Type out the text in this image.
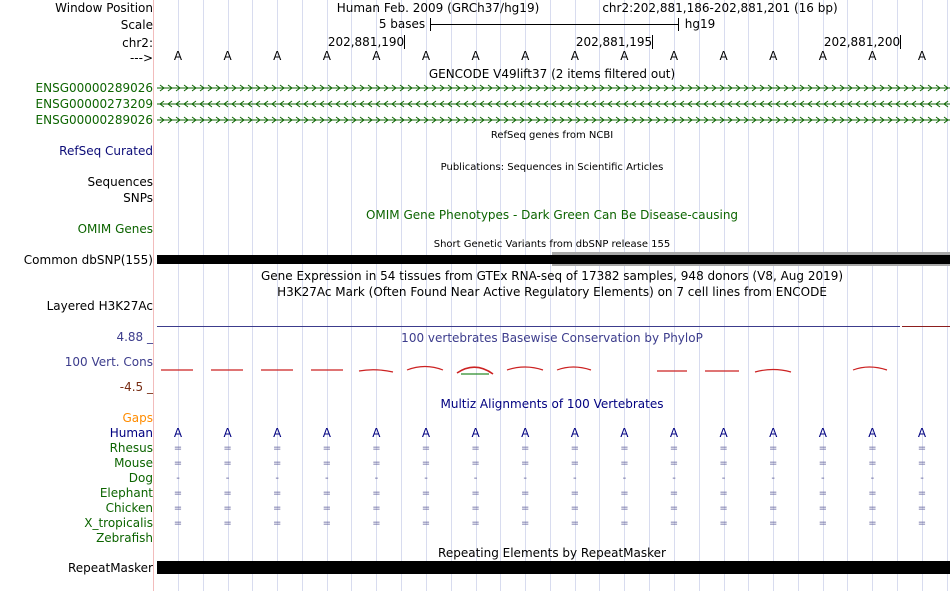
Window Position	Human Feb. 2009 (GRCh37/hg19)	chr2:202,881,186-202,881,201 (16 bp)
Scale	5 bases	hg19
chr2:	202,881,190	202,881,195	202,881,200
---> A	A	A	A	A	A	A	A	A	A	A	A	A	A	A	A
GENCODE V49lift37 (2 items filtered out)
ENSG00000289026
ENSG00000273209
ENSG00000289026
RefSeq genes from NCBI
RefSeq Curated
Publications: Sequences in Scientific Articles
Sequences
SNPs
OMIM Gene Phenotypes - Dark Green Can Be Disease-causing
OMIM Genes
Short Genetic Variants from dbSNP release 155
Common dbSNP(155)
Gene Expression in 54 tissues from GTEx RNA-seq of 17382 samples, 948 donors (V8, Aug 2019)
H3K27Ac Mark (Often Found Near Active Regulatory Elements) on 7 cell lines from ENCODE
Layered H3K27Ac
4.88 _	100 vertebrates Basewise Conservation by PhyloP
100 Vert. Cons
-4.5 _
Gaps
Multiz Alignments of 100 Vertebrates
Human A	A	A	A	A	A	A	A	A	A	A	A	A	A	A	A
Rhesus =	=	=	=	=	=	=	=	=	=	=	=	=	=	=	=
Mouse =	=	=	=	=	=	=	=	=	=	=	=	=	=	=	=
Dog -	-	-	-	-	-	-	-	-	-	-	-	-	-	-	-
Elephant =	=	=	=	=	=	=	=	=	=	=	=	=	=	=	=
Chicken =	=	=	=	=	=	=	=	=	=	=	=	=	=	=	=
X_tropicalis =	=	=	=	=	=	=	=	=	=	=	=	=	=	=	=
Zebrafish
Repeating Elements by RepeatMasker
RepeatMasker
